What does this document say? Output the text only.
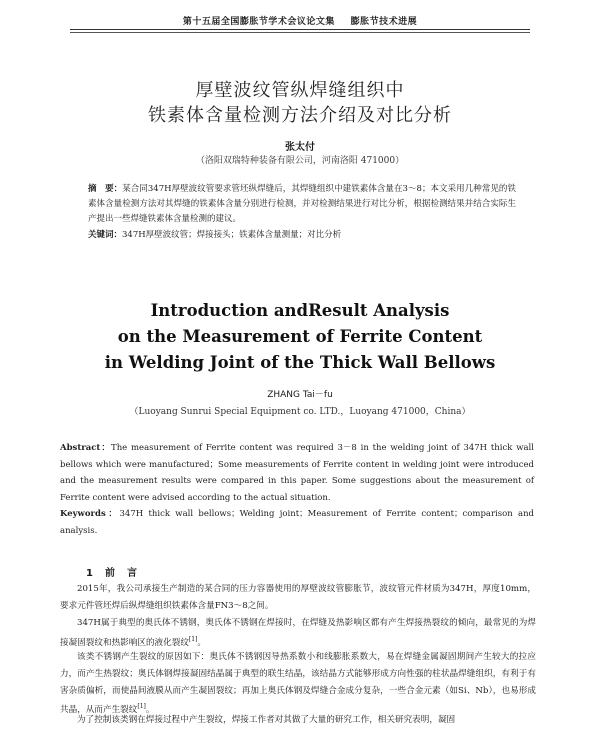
第十五届全国膨胀节学术会议论文集 膨胀节技术进展
厚壁波纹管纵焊缝组织中
铁素体含量检测方法介绍及对比分析
张太付
（洛阳双瑞特种装备有限公司，河南洛阳 471000）
摘　要：某合同347H厚壁波纹管要求管坯纵焊缝后，其焊缝组织中建铁素体含量在3～8；本文采用几种常见的铁素体含量检测方法对其焊缝的铁素体含量分别进行检测，并对检测结果进行对比分析，根据检测结果并结合实际生产提出一些焊缝铁素体含量检测的建议。
关键词：347H厚壁波纹管；焊接接头；铁素体含量测量；对比分析
Introduction andResult Analysis
on the Measurement of Ferrite Content
in Welding Joint of the Thick Wall Bellows
ZHANG Tai－fu
（Luoyang Sunrui Special Equipment co. LTD.，Luoyang 471000，China）
Abstract：The measurement of Ferrite content was required 3－8 in the welding joint of 347H thick wall bellows which were manufactured；Some measurements of Ferrite content in welding joint were introduced and the measurement results were compared in this paper. Some suggestions about the measurement of Ferrite content were advised according to the actual situation.
Keywords：347H thick wall bellows；Welding joint；Measurement of Ferrite content；comparison and analysis.
1　前　言
2015年，我公司承接生产制造的某合同的压力容器使用的厚壁波纹管膨胀节，波纹管元件材质为347H，厚度10mm，要求元件管坯焊后纵焊缝组织铁素体含量FN3～8之间。
347H属于典型的奥氏体不锈钢，奥氏体不锈钢在焊接时，在焊缝及热影响区都有产生焊接热裂纹的倾向，最常见的为焊接凝固裂纹和热影响区的液化裂纹[1]。
该类不锈钢产生裂纹的原因如下：奥氏体不锈钢因导热系数小和线膨胀系数大，易在焊缝金属凝固期间产生较大的拉应力，而产生热裂纹；奥氏体钢焊接凝固结晶属于典型的联生结晶，该结晶方式能够形成方向性强的柱状晶焊缝组织，有利于有害杂质偏析，而使晶间液膜从而产生凝固裂纹；再加上奥氏体钢及焊缝合金成分复杂，一些合金元素（如Si、Nb），也易形成共晶，从而产生裂纹[1]。
为了控制该类钢在焊接过程中产生裂纹，焊接工作者对其做了大量的研究工作，相关研究表明，凝固
